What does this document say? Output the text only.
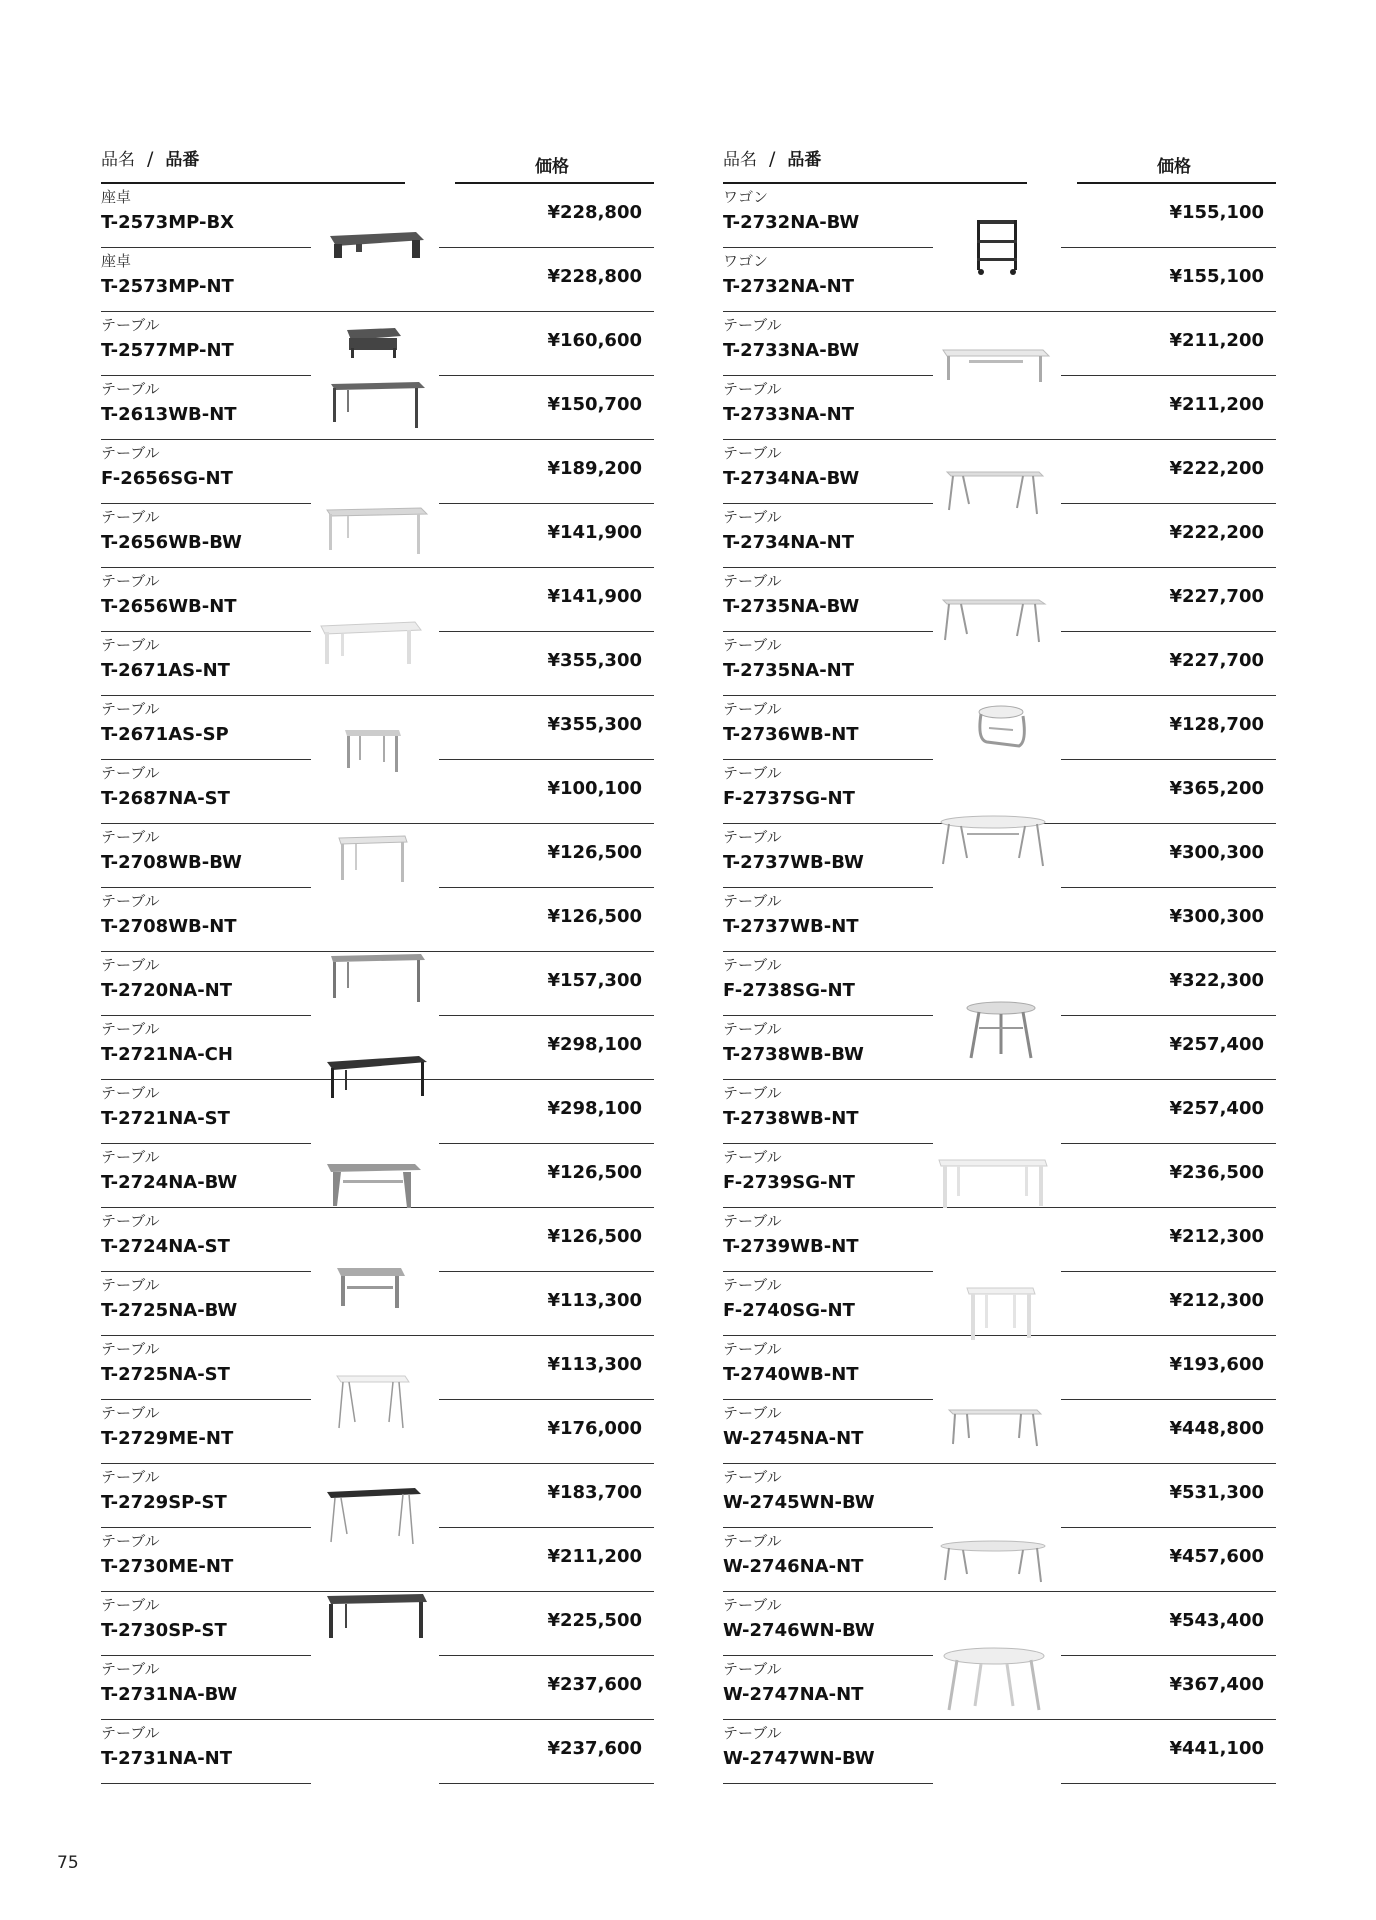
品名 / 品番	価格
座卓
T-2573MP-BX	¥228,800
座卓
T-2573MP-NT	¥228,800
テーブル
T-2577MP-NT	¥160,600
テーブル
T-2613WB-NT	¥150,700
テーブル
F-2656SG-NT	¥189,200
テーブル
T-2656WB-BW	¥141,900
テーブル
T-2656WB-NT	¥141,900
テーブル
T-2671AS-NT	¥355,300
テーブル
T-2671AS-SP	¥355,300
テーブル
T-2687NA-ST	¥100,100
テーブル
T-2708WB-BW	¥126,500
テーブル
T-2708WB-NT	¥126,500
テーブル
T-2720NA-NT	¥157,300
テーブル
T-2721NA-CH	¥298,100
テーブル
T-2721NA-ST	¥298,100
テーブル
T-2724NA-BW	¥126,500
テーブル
T-2724NA-ST	¥126,500
テーブル
T-2725NA-BW	¥113,300
テーブル
T-2725NA-ST	¥113,300
テーブル
T-2729ME-NT	¥176,000
テーブル
T-2729SP-ST	¥183,700
テーブル
T-2730ME-NT	¥211,200
テーブル
T-2730SP-ST	¥225,500
テーブル
T-2731NA-BW	¥237,600
テーブル
T-2731NA-NT	¥237,600
品名 / 品番	価格
ワゴン
T-2732NA-BW	¥155,100
ワゴン
T-2732NA-NT	¥155,100
テーブル
T-2733NA-BW	¥211,200
テーブル
T-2733NA-NT	¥211,200
テーブル
T-2734NA-BW	¥222,200
テーブル
T-2734NA-NT	¥222,200
テーブル
T-2735NA-BW	¥227,700
テーブル
T-2735NA-NT	¥227,700
テーブル
T-2736WB-NT	¥128,700
テーブル
F-2737SG-NT	¥365,200
テーブル
T-2737WB-BW	¥300,300
テーブル
T-2737WB-NT	¥300,300
テーブル
F-2738SG-NT	¥322,300
テーブル
T-2738WB-BW	¥257,400
テーブル
T-2738WB-NT	¥257,400
テーブル
F-2739SG-NT	¥236,500
テーブル
T-2739WB-NT	¥212,300
テーブル
F-2740SG-NT	¥212,300
テーブル
T-2740WB-NT	¥193,600
テーブル
W-2745NA-NT	¥448,800
テーブル
W-2745WN-BW	¥531,300
テーブル
W-2746NA-NT	¥457,600
テーブル
W-2746WN-BW	¥543,400
テーブル
W-2747NA-NT	¥367,400
テーブル
W-2747WN-BW	¥441,100
75
